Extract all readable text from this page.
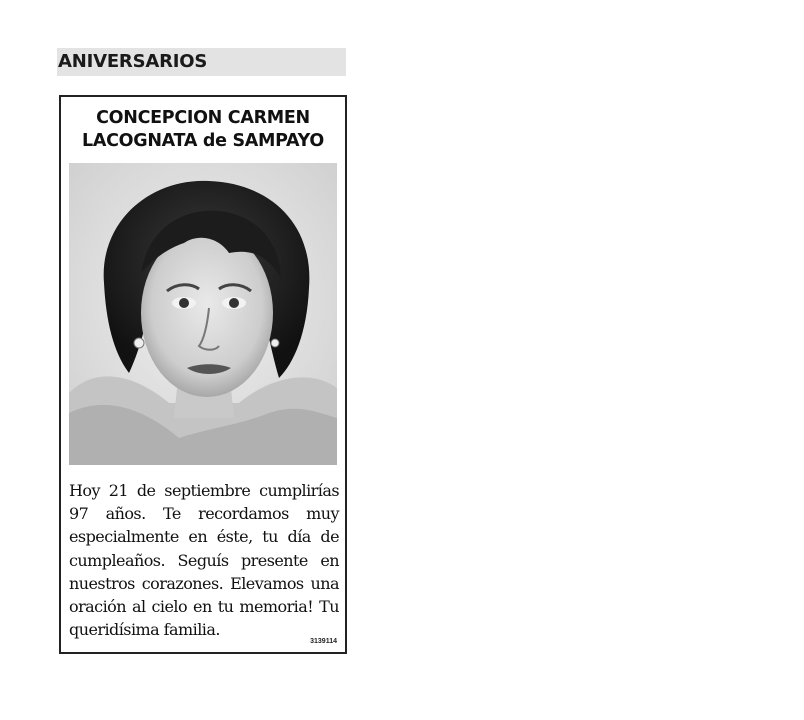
ANIVERSARIOS
CONCEPCION CARMEN
LACOGNATA de SAMPAYO
Hoy 21 de septiembre cumplirías 97 años. Te recordamos muy especialmente en éste, tu día de cumpleaños. Seguís presente en nuestros corazones. Elevamos una oración al cielo en tu memoria! Tu queridísima familia.
3139114
